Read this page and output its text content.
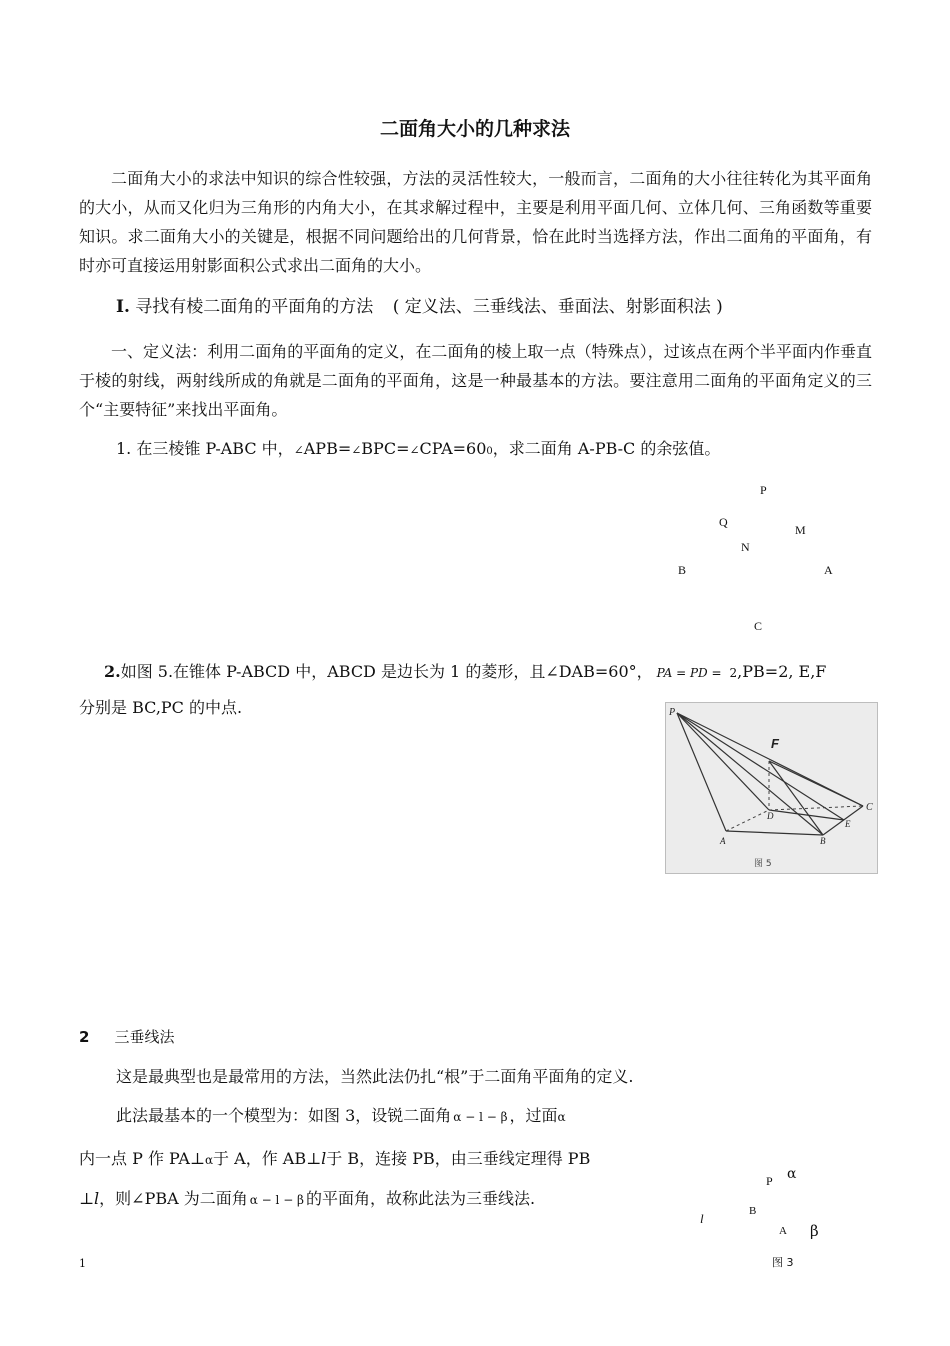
二面角大小的几种求法
二面角大小的求法中知识的综合性较强，方法的灵活性较大，一般而言，二面角的大小往往转化为其平面角的大小，从而又化归为三角形的内角大小，在其求解过程中，主要是利用平面几何、立体几何、三角函数等重要知识。求二面角大小的关键是，根据不同问题给出的几何背景，恰在此时当选择方法，作出二面角的平面角，有时亦可直接运用射影面积公式求出二面角的大小。
I. 寻找有棱二面角的平面角的方法 ( 定义法、三垂线法、垂面法、射影面积法 )
一、定义法：利用二面角的平面角的定义，在二面角的棱上取一点（特殊点），过该点在两个半平面内作垂直于棱的射线，两射线所成的角就是二面角的平面角，这是一种最基本的方法。要注意用二面角的平面角定义的三个“主要特征”来找出平面角。
1. 在三棱锥 P-ABC 中，∠APB=∠BPC=∠CPA=600，求二面角 A-PB-C 的余弦值。
P
Q
M
N
B	A
C
2.如图 5.在锥体 P-ABCD 中，ABCD 是边长为 1 的菱形，且∠DAB=60°， PA = PD = 2,PB=2, E,F
分别是 BC,PC 的中点.	P
F
C
D
E
A	B
图 5
2 三垂线法
这是最典型也是最常用的方法，当然此法仍扎“根”于二面角平面角的定义.
此法最基本的一个模型为：如图 3，设锐二面角 α − l − β ，过面α
内一点 P 作 PA⊥α于 A，作 AB⊥l于 B，连接 PB，由三垂线定理得 PB
⊥l，则∠PBA 为二面角 α − l − β 的平面角，故称此法为三垂线法.
P α
l	B
A β
图 3
1
